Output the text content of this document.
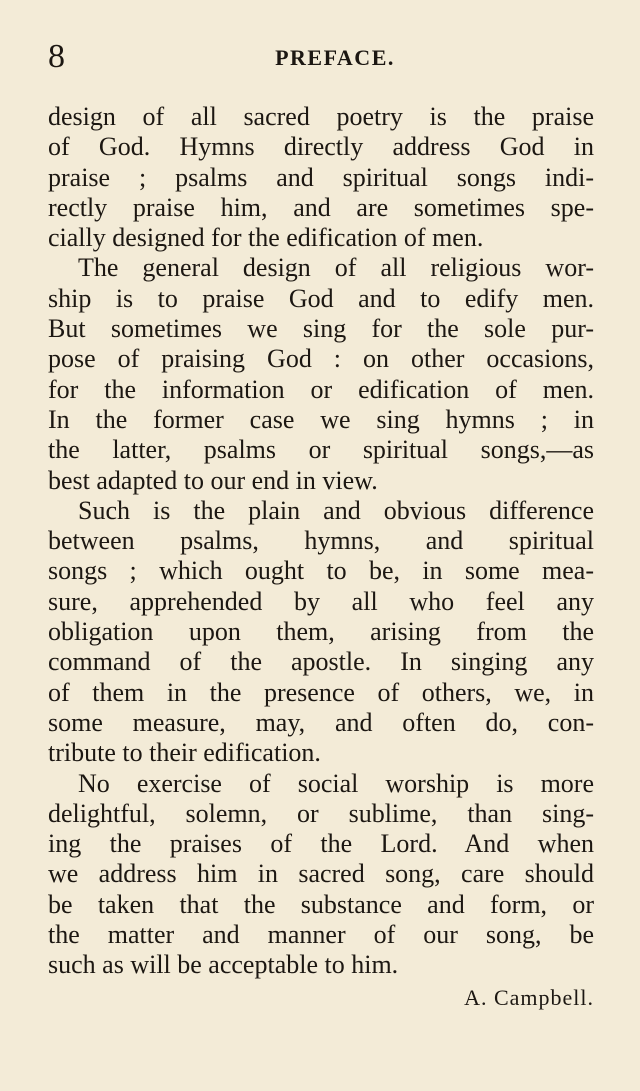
8	PREFACE.
design of all sacred poetry is the praise
of God. Hymns directly address God in
praise ; psalms and spiritual songs indi-
rectly praise him, and are sometimes spe-
cially designed for the edification of men.
The general design of all religious wor-
ship is to praise God and to edify men.
But sometimes we sing for the sole pur-
pose of praising God : on other occasions,
for the information or edification of men.
In the former case we sing hymns ; in
the latter, psalms or spiritual songs,—as
best adapted to our end in view.
Such is the plain and obvious difference
between psalms, hymns, and spiritual
songs ; which ought to be, in some mea-
sure, apprehended by all who feel any
obligation upon them, arising from the
command of the apostle. In singing any
of them in the presence of others, we, in
some measure, may, and often do, con-
tribute to their edification.
No exercise of social worship is more
delightful, solemn, or sublime, than sing-
ing the praises of the Lord. And when
we address him in sacred song, care should
be taken that the substance and form, or
the matter and manner of our song, be
such as will be acceptable to him.
A. Campbell.
